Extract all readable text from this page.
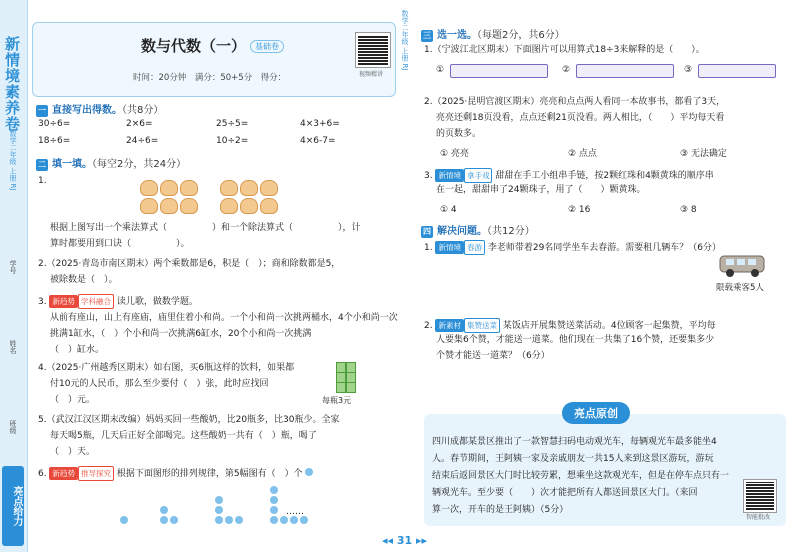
新情境素养卷
数学二年级 上册 RJ
学号
姓名
班级
亮点给力
数学二年级 上册 RJ
数与代数（一） 基础卷
时间：20分钟　满分：50+5分　得分：	视频精讲
一 直接写出得数。（共8分）
30÷6=	2×6=	25÷5=	4×3+6=
18÷6=	24÷6=	10÷2=	4×6-7=
二 填一填。（每空2分，共24分）
1.
根据上图写出一个乘法算式（　　　　　）和一个除法算式（　　　　　），计
算时都要用到口诀（　　　　　）。
2.（2025·青岛市南区期末）两个乘数都是6，积是（　）；商和除数都是5，
被除数是（　）。
3. 新趋势 学科融合 读儿歌，做数学题。
从前有座山，山上有座庙，庙里住着小和尚。一个小和尚一次挑两桶水，4个小和尚一次
挑满1缸水，（　）个小和尚一次挑满6缸水，20个小和尚一次挑满
（　）缸水。
4.（2025·广州越秀区期末）如右图，买6瓶这样的饮料，如果都
付10元的人民币，那么至少要付（　）张，此时应找回
（　）元。	每瓶3元
5.（武汉江汉区期末改编）妈妈买回一些酸奶，比20瓶多，比30瓶少。全家
每天喝5瓶，几天后正好全部喝完。这些酸奶一共有（　）瓶，喝了
（　）天。
6. 新趋势 推导探究 根据下面图形的排列规律，第5幅图有（　）个
……
三 选一选。（每题2分，共6分）
1.（宁波江北区期末）下面图片可以用算式18÷3来解释的是（　　）。
①	②	③
2.（2025·昆明官渡区期末）亮亮和点点两人看同一本故事书，都看了3天，
亮亮还剩18页没看，点点还剩21页没看。两人相比，（　　）平均每天看
的页数多。
① 亮亮	② 点点	③ 无法确定
3. 新情境 拿手戏 甜甜在手工小组串手链，按2颗红珠和4颗黄珠的顺序串
在一起，甜甜串了24颗珠子，用了（　　）颗黄珠。
① 4	② 16	③ 8
四 解决问题。（共12分）
1. 新情境 春游 李老师带着29名同学坐车去春游。需要租几辆车？（6分）
限载乘客5人
2. 新素材 集赞送菜 某饭店开展集赞送菜活动。4位顾客一起集赞，平均每
人要集6个赞，才能送一道菜。他们现在一共集了16个赞，还要集多少
个赞才能送一道菜？（6分）
亮点原创
四川成都某景区推出了一款智慧扫码电动观光车，每辆观光车最多能坐4
人。春节期间，王阿姨一家及亲戚朋友一共15人来到这景区游玩，游玩
结束后返回景区大门时比较劳累，想乘坐这款观光车，但是在停车点只有一
辆观光车。至少要（　　）次才能把所有人都送回景区大门。（来回
算一次，开车的是王阿姨）（5分）
智能批改
◂◂ 31 ▸▸
